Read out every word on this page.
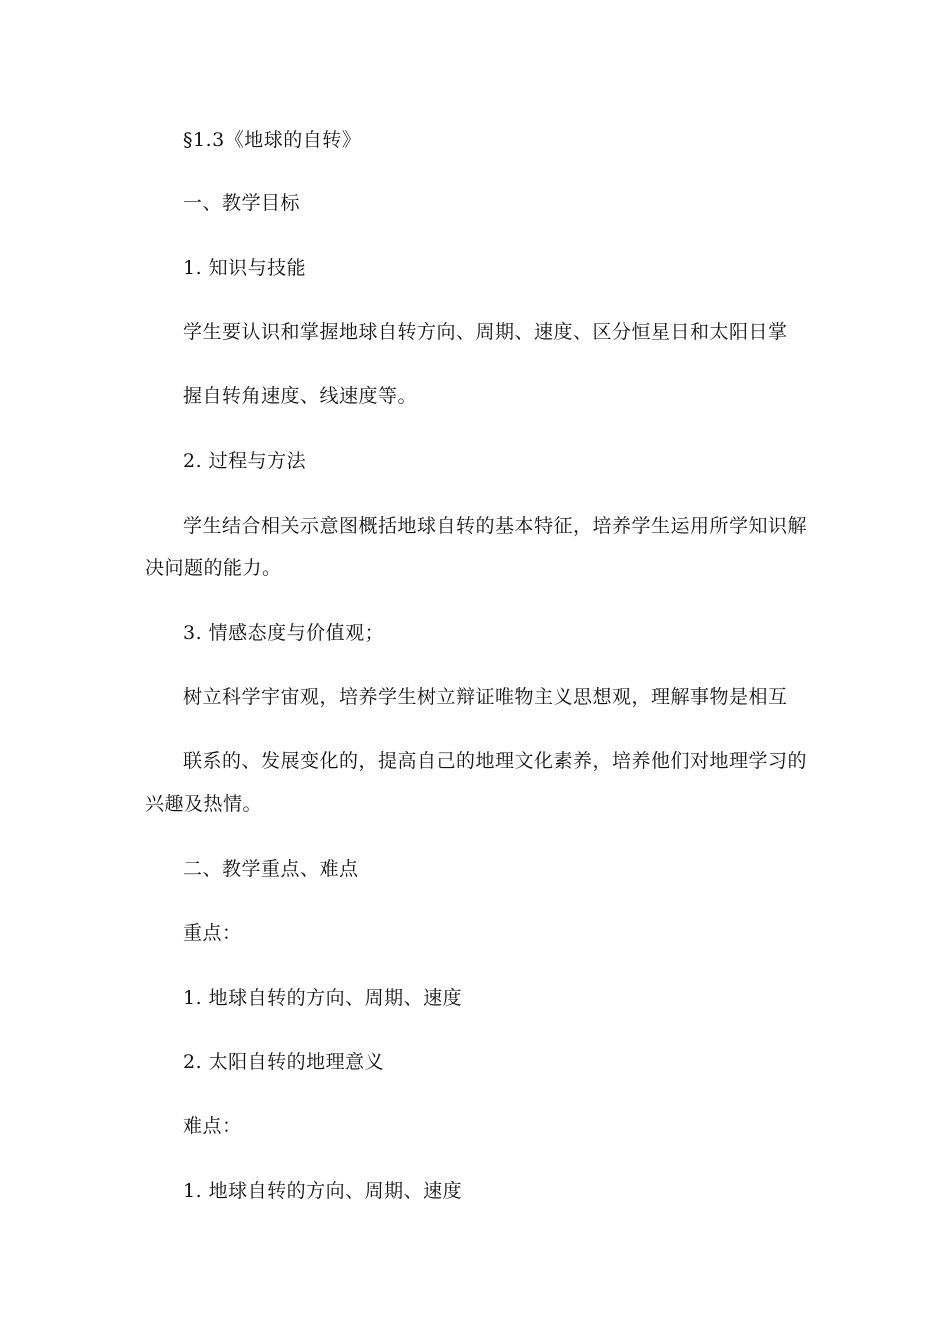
§1.3《地球的自转》
一、教学目标
1. 知识与技能
学生要认识和掌握地球自转方向、周期、速度、区分恒星日和太阳日掌
握自转角速度、线速度等。
2. 过程与方法
学生结合相关示意图概括地球自转的基本特征，培养学生运用所学知识解
决问题的能力。
3. 情感态度与价值观；
树立科学宇宙观，培养学生树立辩证唯物主义思想观，理解事物是相互
联系的、发展变化的，提高自己的地理文化素养，培养他们对地理学习的
兴趣及热情。
二、教学重点、难点
重点：
1. 地球自转的方向、周期、速度
2. 太阳自转的地理意义
难点：
1. 地球自转的方向、周期、速度
